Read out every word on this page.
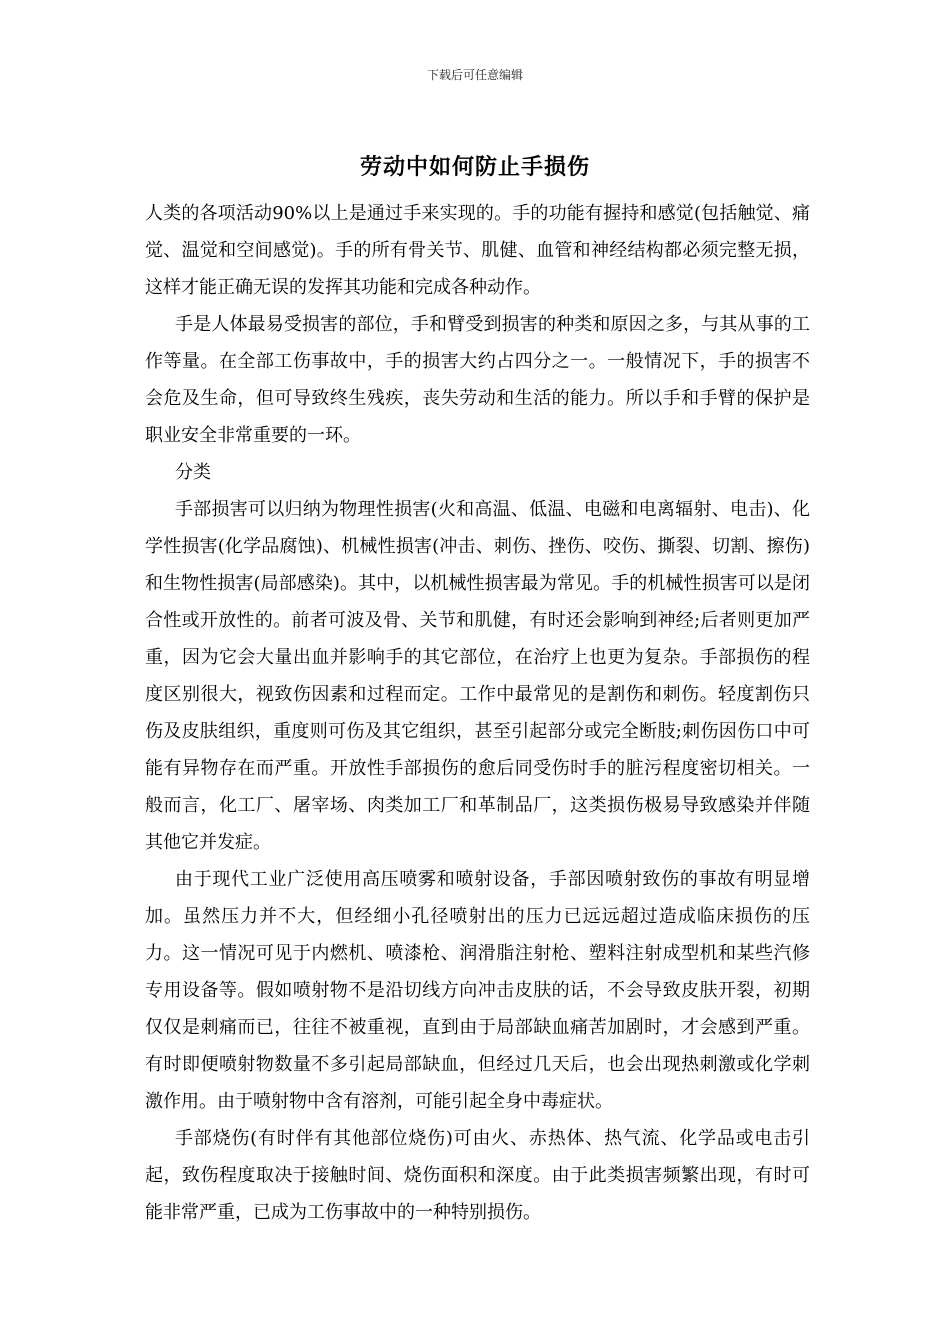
下载后可任意编辑
劳动中如何防止手损伤

人类的各项活动90%以上是通过手来实现的。手的功能有握持和感觉(包括触觉、痛觉、温觉和空间感觉)。手的所有骨关节、肌健、血管和神经结构都必须完整无损，这样才能正确无误的发挥其功能和完成各种动作。

手是人体最易受损害的部位，手和臂受到损害的种类和原因之多，与其从事的工作等量。在全部工伤事故中，手的损害大约占四分之一。一般情况下，手的损害不会危及生命，但可导致终生残疾，丧失劳动和生活的能力。所以手和手臂的保护是职业安全非常重要的一环。

分类

手部损害可以归纳为物理性损害(火和高温、低温、电磁和电离辐射、电击)、化学性损害(化学品腐蚀)、机械性损害(冲击、刺伤、挫伤、咬伤、撕裂、切割、擦伤)和生物性损害(局部感染)。其中，以机械性损害最为常见。手的机械性损害可以是闭合性或开放性的。前者可波及骨、关节和肌健，有时还会影响到神经;后者则更加严重，因为它会大量出血并影响手的其它部位，在治疗上也更为复杂。手部损伤的程度区别很大，视致伤因素和过程而定。工作中最常见的是割伤和刺伤。轻度割伤只伤及皮肤组织，重度则可伤及其它组织，甚至引起部分或完全断肢;刺伤因伤口中可能有异物存在而严重。开放性手部损伤的愈后同受伤时手的脏污程度密切相关。一般而言，化工厂、屠宰场、肉类加工厂和革制品厂，这类损伤极易导致感染并伴随其他它并发症。

由于现代工业广泛使用高压喷雾和喷射设备，手部因喷射致伤的事故有明显增加。虽然压力并不大，但经细小孔径喷射出的压力已远远超过造成临床损伤的压力。这一情况可见于内燃机、喷漆枪、润滑脂注射枪、塑料注射成型机和某些汽修专用设备等。假如喷射物不是沿切线方向冲击皮肤的话，不会导致皮肤开裂，初期仅仅是刺痛而已，往往不被重视，直到由于局部缺血痛苦加剧时，才会感到严重。有时即便喷射物数量不多引起局部缺血，但经过几天后，也会出现热刺激或化学刺激作用。由于喷射物中含有溶剂，可能引起全身中毒症状。

手部烧伤(有时伴有其他部位烧伤)可由火、赤热体、热气流、化学品或电击引起，致伤程度取决于接触时间、烧伤面积和深度。由于此类损害频繁出现，有时可能非常严重，已成为工伤事故中的一种特别损伤。
